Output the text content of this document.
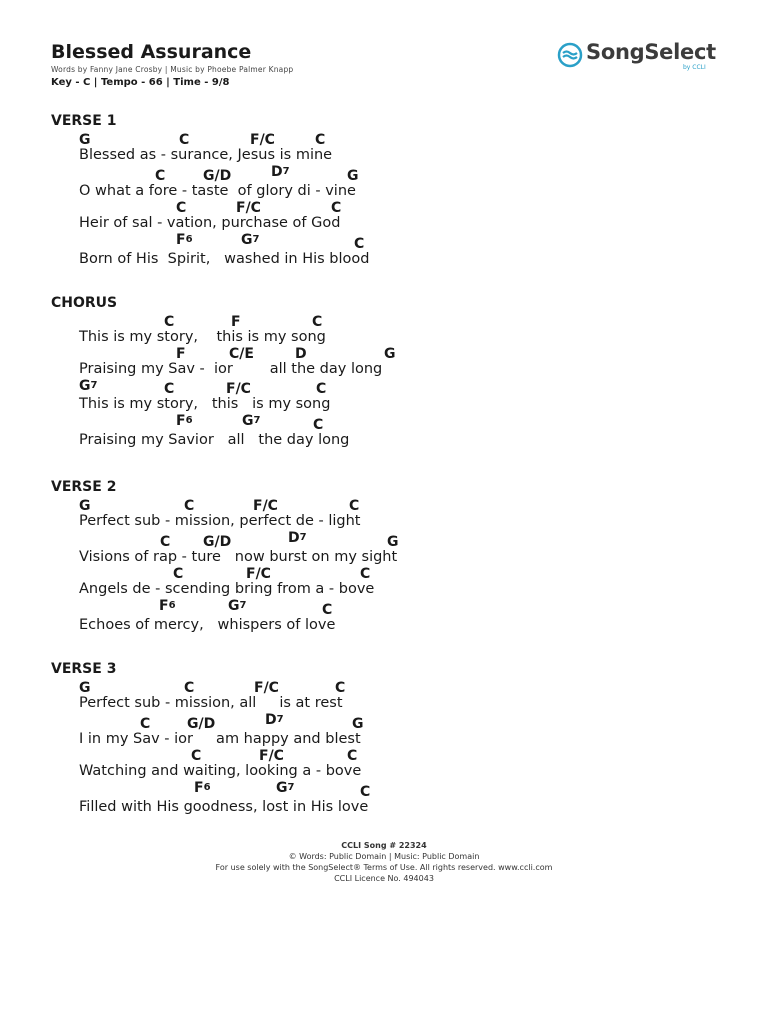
Blessed Assurance
Words by Fanny Jane Crosby | Music by Phoebe Palmer Knapp
Key - C | Tempo - 66 | Time - 9/8
SongSelect
by CCLI
VERSE 1
G	C	F/C	C
Blessed as - surance, Jesus is mine
C	G/D	$D^7$	G
O what a fore - taste  of glory di - vine
C	F/C	C
Heir of sal - vation, purchase of God
$F^6$	$G^7$	C
Born of His  Spirit,   washed in His blood
CHORUS
C	F	C
This is my story,    this is my song
F	C/E	D	G
Praising my Sav -  ior        all the day long
$G^7$	C	F/C	C
This is my story,   this   is my song
$F^6$	$G^7$	C
Praising my Savior   all   the day long
VERSE 2
G	C	F/C	C
Perfect sub - mission, perfect de - light
C G/D	$D^7$	G
Visions of rap - ture   now burst on my sight
C	F/C	C
Angels de - scending bring from a - bove
$F^6$	$G^7$	C
Echoes of mercy,   whispers of love
VERSE 3
G	C	F/C	C
Perfect sub - mission, all     is at rest
C	G/D	$D^7$	G
I in my Sav - ior     am happy and blest
C	F/C	C
Watching and waiting, looking a - bove
$F^6$	$G^7$	C
Filled with His goodness, lost in His love
CCLI Song # 22324
© Words: Public Domain | Music: Public Domain
For use solely with the SongSelect® Terms of Use. All rights reserved. www.ccli.com
CCLI Licence No. 494043
